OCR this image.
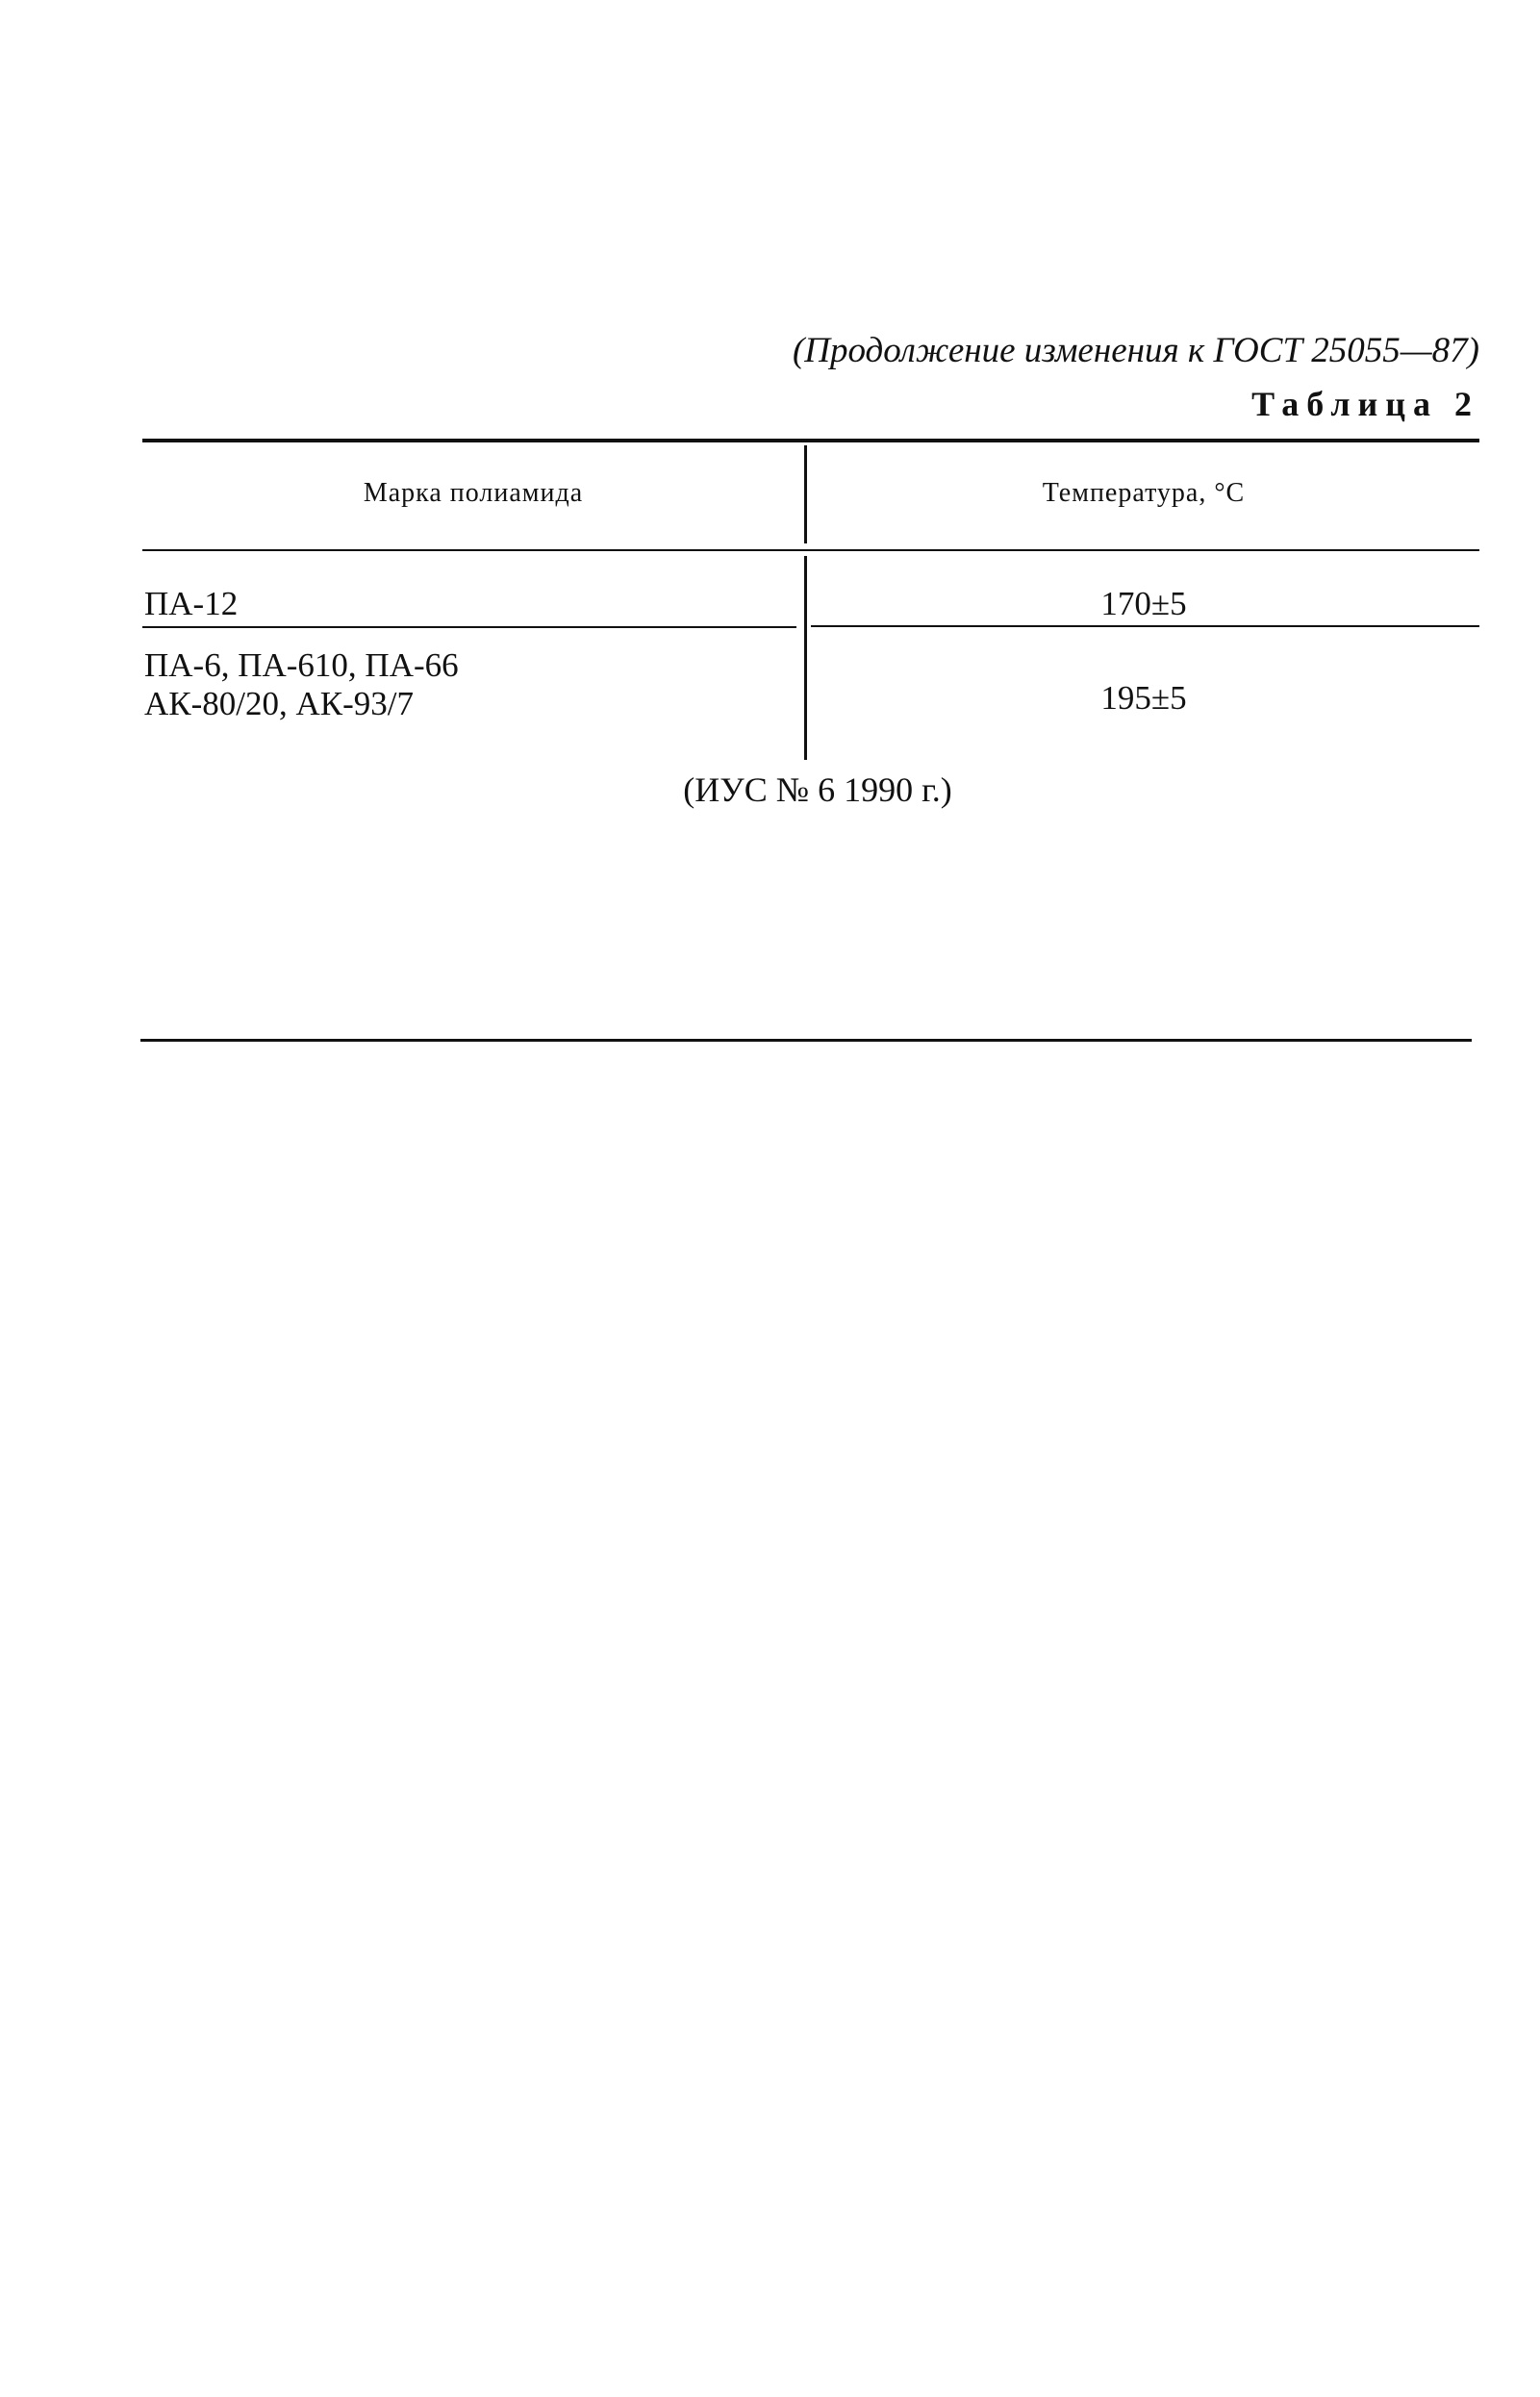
(Продолжение изменения к ГОСТ 25055—87)
Таблица 2
Марка полиамида	Температура, °С
ПА-12	170±5
ПА-6, ПА-610, ПА-66
АК-80/20, АК-93/7	195±5
(ИУС № 6 1990 г.)
